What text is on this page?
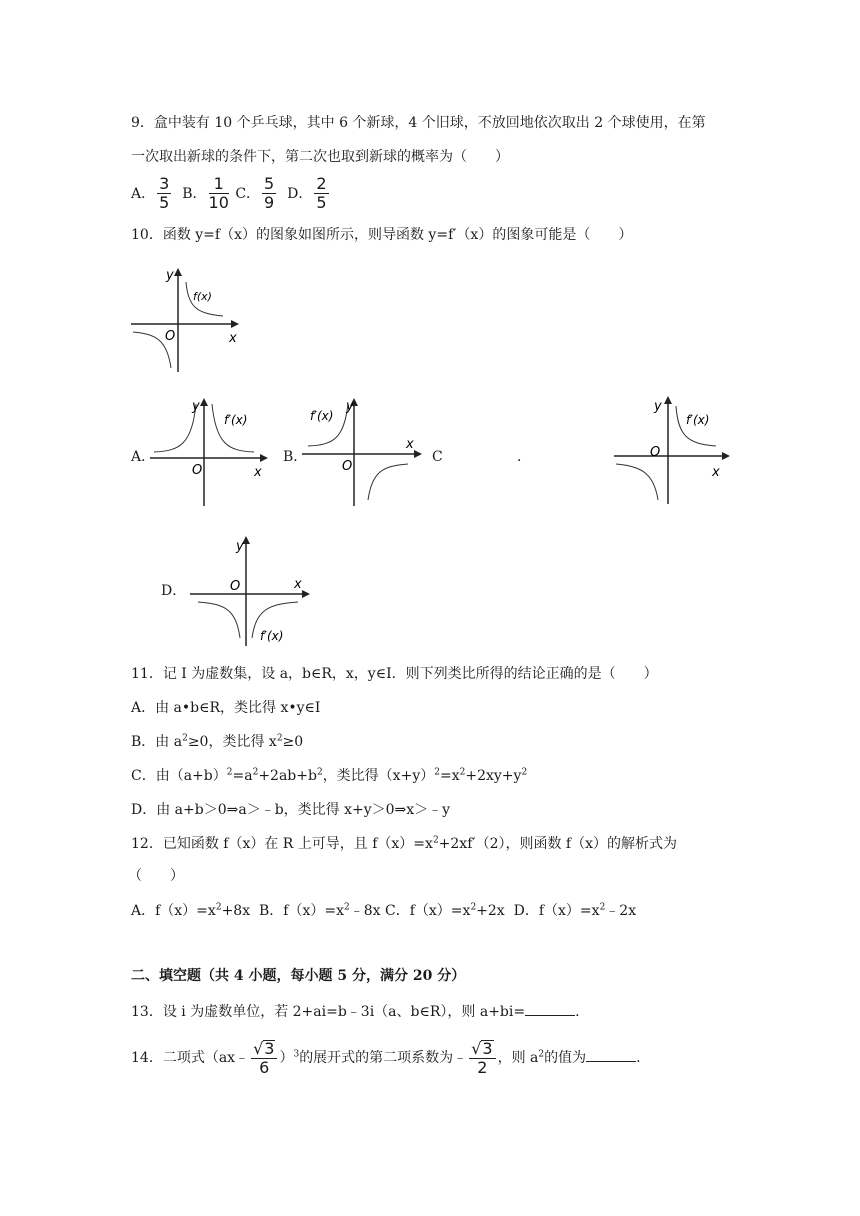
9．盒中装有 10 个乒乓球，其中 6 个新球，4 个旧球，不放回地依次取出 2 个球使用，在第
一次取出新球的条件下，第二次也取到新球的概率为（　　）
A． $\frac{3}{5}$ B． $\frac{1}{10}$ C． $\frac{5}{9}$ D． $\frac{2}{5}$
10．函数 y=f（x）的图象如图所示，则导函数 y=f′（x）的图象可能是（　　）
y
x
O
f(x)
A．
y
x
O
f′(x)
B．
y
x
O
f′(x)
C	．
y
x
O
f′(x)
D．
y
x
O
f′(x)
11．记 I 为虚数集，设 a，b∈R，x，y∈I．则下列类比所得的结论正确的是（　　）
A．由 a•b∈R，类比得 x•y∈I
B．由 $a^2\ge 0$，类比得 $x^2\ge 0$
C．由$(a+b)^2=a^2+2ab+b^2$，类比得$(x+y)^2=x^2+2xy+y^2$
D．由 a+b＞0⇒a＞﹣b，类比得 x+y＞0⇒x＞﹣y
12．已知函数 f（x）在 R 上可导，且 $f(x)=x^2+2xf'(2)$，则函数 f（x）的解析式为
（　　）
A．$f(x)=x^2+8x$ B．$f(x)=x^2﹣8x$ C．$f(x)=x^2+2x$ D．$f(x)=x^2﹣2x$
二、填空题（共 4 小题，每小题 5 分，满分 20 分）
13．设 i 为虚数单位，若 2+ai=b﹣3i（a、b∈R），则 a+bi=	.
14．二项式（ax﹣ $\frac{√3}{6} )^3$的展开式的第二项系数为﹣ $\frac{√3}{2}$ ，则 $a^2$的值为	.
